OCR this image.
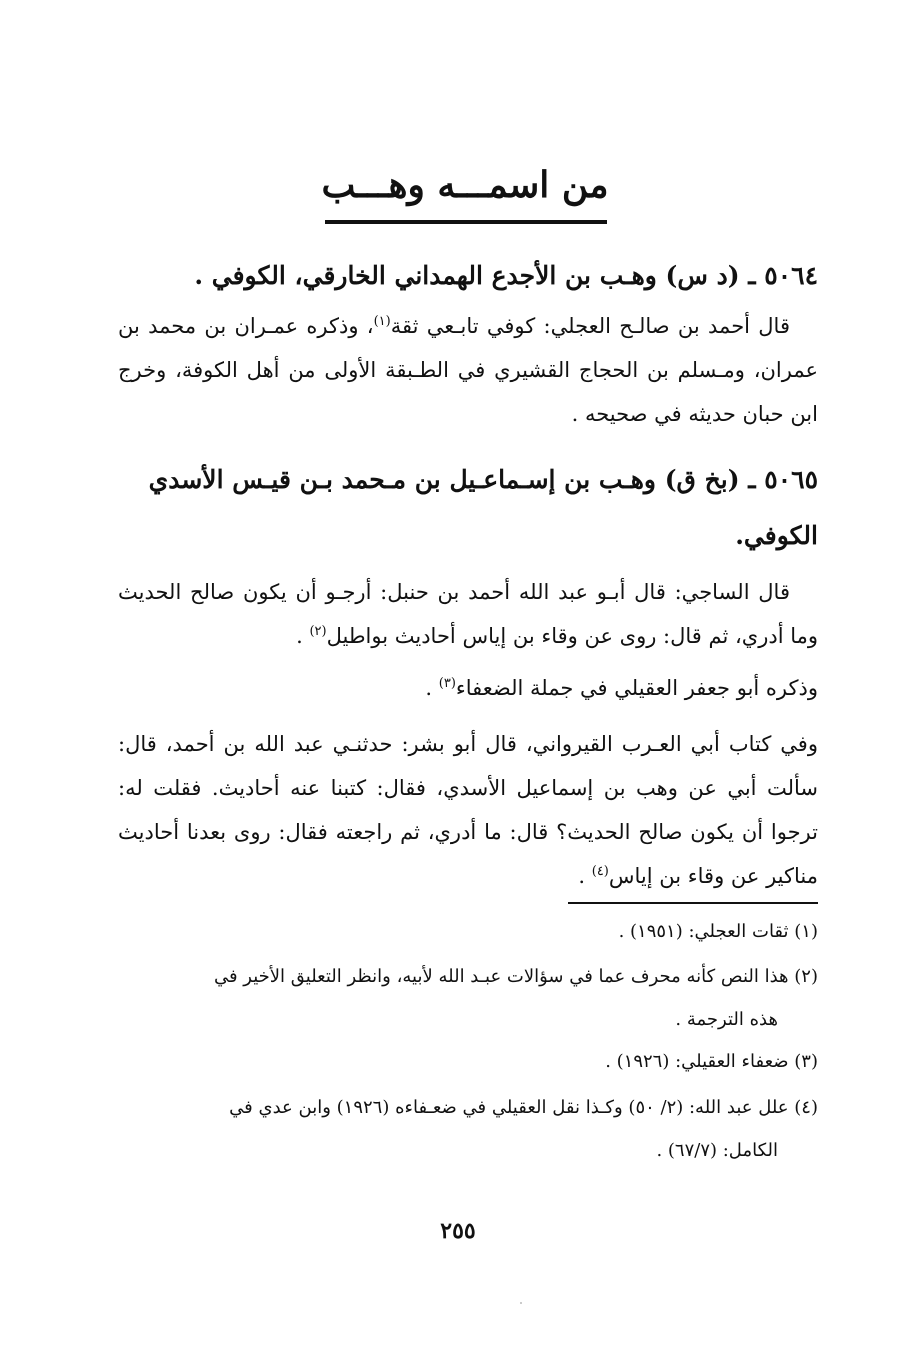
من اسمـــه وهـــب
٥٠٦٤ ـ (د س) وهـب بن الأجدع الهمداني الخارقي، الكوفي .

قال أحمد بن صالـح العجلي: كوفي تابـعي ثقة$^{(١)}$، وذكره عمـران بن محمد بن عمران، ومـسلم بن الحجاج القشيري في الطـبقة الأولى من أهل الكوفة، وخرج ابن حبان حديثه في صحيحه .

٥٠٦٥ ـ (بخ ق) وهـب بن إسـماعـيل بن مـحمد بـن قيـس الأسدي الكوفي.

قال الساجي: قال أبـو عبد الله أحمد بن حنبل: أرجـو أن يكون صالح الحديث وما أدري، ثم قال: روى عن وقاء بن إياس أحاديث بواطيل$^{(٢)}$ .

وذكره أبو جعفر العقيلي في جملة الضعفاء$^{(٣)}$ .

وفي كتاب أبي العـرب القيرواني، قال أبو بشر: حدثنـي عبد الله بن أحمد، قال: سألت أبي عن وهب بن إسماعيل الأسدي، فقال: كتبنا عنه أحاديث. فقلت له: ترجوا أن يكون صالح الحديث؟ قال: ما أدري، ثم راجعته فقال: روى بعدنا أحاديث مناكير عن وقاء بن إياس$^{(٤)}$ .

(١) ثقات العجلي: (١٩٥١) .
(٢) هذا النص كأنه محرف عما في سؤالات عبـد الله لأبيه، وانظر التعليق الأخير في
هذه الترجمة .
(٣) ضعفاء العقيلي: (١٩٢٦) .
(٤) علل عبد الله: (٢/ ٥٠) وكـذا نقل العقيلي في ضعـفاءه (١٩٢٦) وابن عدي في
الكامل: (٦٧/٧) .
٢٥٥
